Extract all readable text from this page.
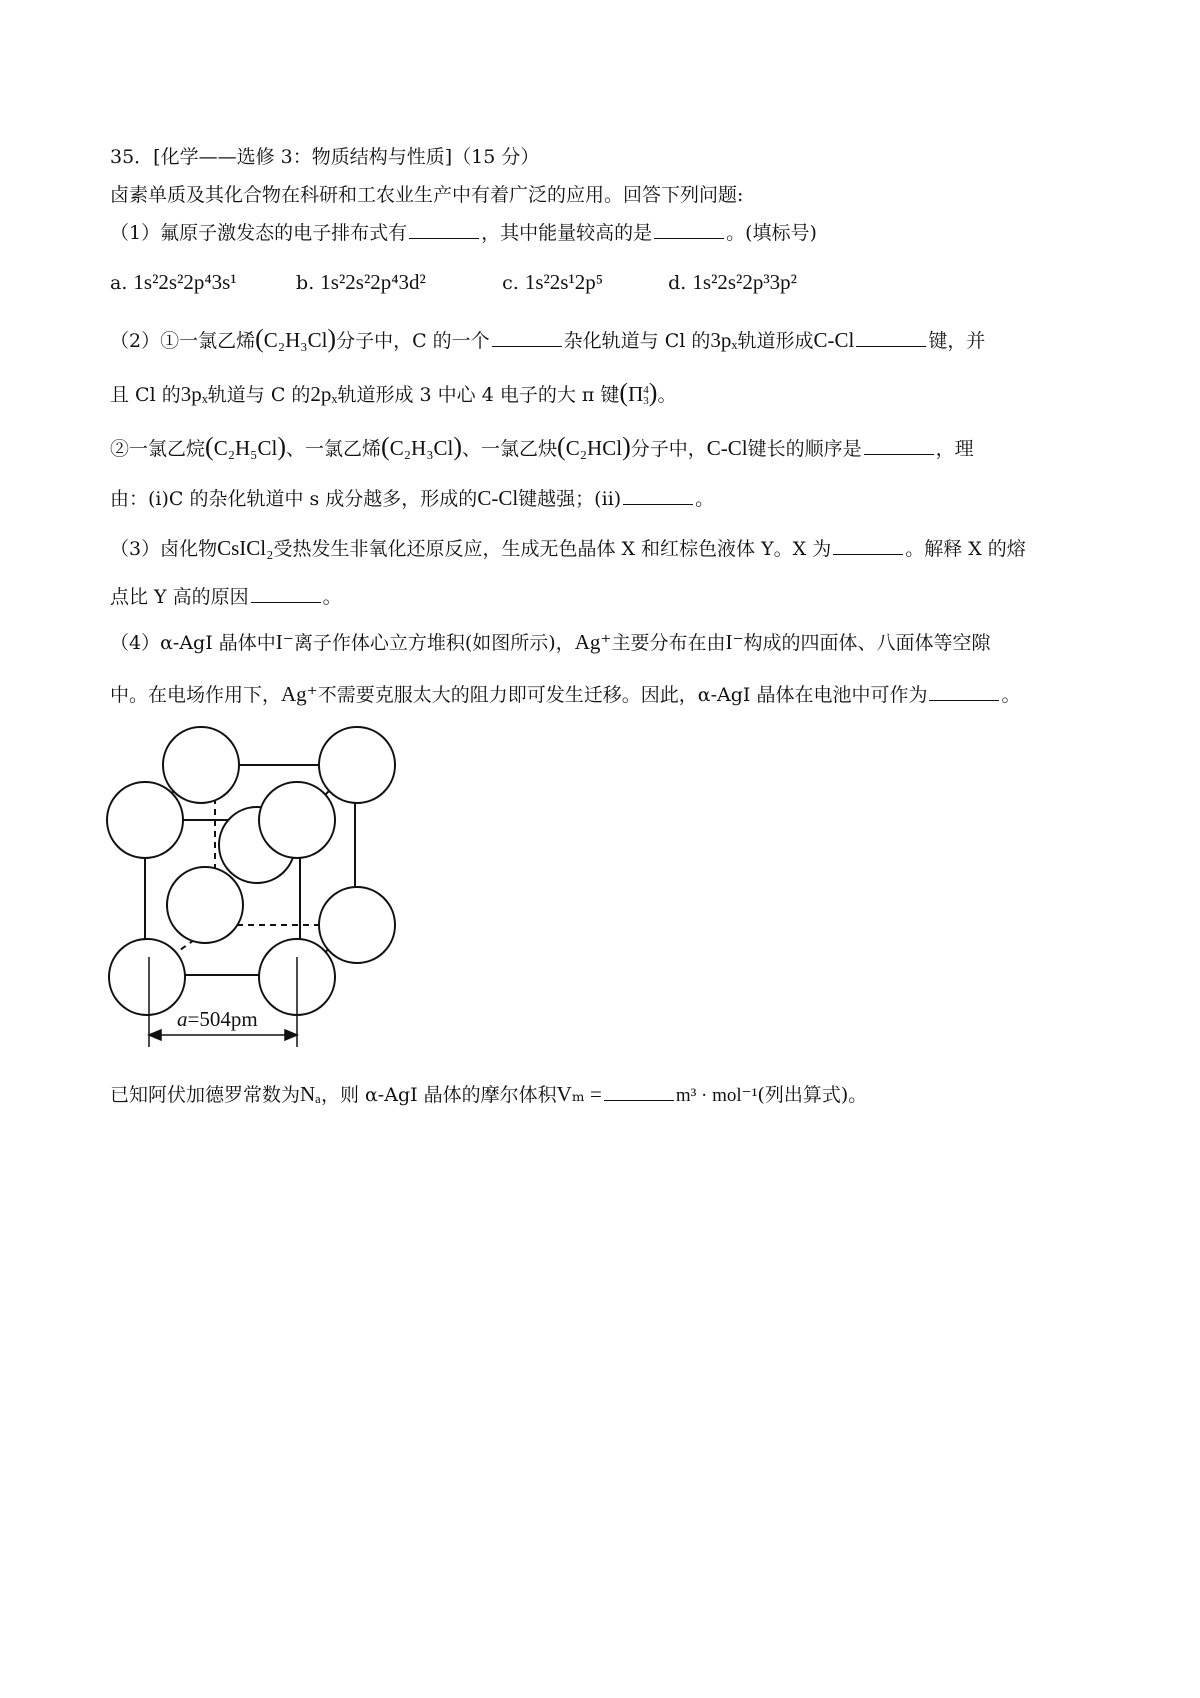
35．[化学——选修 3：物质结构与性质]（15 分）
卤素单质及其化合物在科研和工农业生产中有着广泛的应用。回答下列问题:
（1）氟原子激发态的电子排布式有	，其中能量较高的是	。(填标号)
a. 1s²2s²2p⁴3s¹	b. 1s²2s²2p⁴3d²	c. 1s²2s¹2p⁵	d. 1s²2s²2p³3p²
（2）①一氯乙烯(C₂H₃Cl)分子中，C 的一个	杂化轨道与 Cl 的3pₓ轨道形成C-Cl	键，并
且 Cl 的3pₓ轨道与 C 的2pₓ轨道形成 3 中心 4 电子的大 π 键(Π 4
3 )。
②一氯乙烷(C₂H₅Cl)、一氯乙烯(C₂H₃Cl)、一氯乙炔(C₂HCl)分子中，C-Cl键长的顺序是	，理
由：(ⅰ)C 的杂化轨道中 s 成分越多，形成的C-Cl键越强；(ⅱ)	。
（3）卤化物CsICl₂受热发生非氧化还原反应，生成无色晶体 X 和红棕色液体 Y。X 为	。解释 X 的熔
点比 Y 高的原因	。
（4）α-AgI 晶体中I⁻离子作体心立方堆积(如图所示)，Ag⁺主要分布在由I⁻构成的四面体、八面体等空隙
中。在电场作用下，Ag⁺不需要克服太大的阻力即可发生迁移。因此，α-AgI 晶体在电池中可作为	。
a=504pm
已知阿伏加德罗常数为Nₐ，则 α-AgI 晶体的摩尔体积Vₘ =	m³ · mol⁻¹(列出算式)。
